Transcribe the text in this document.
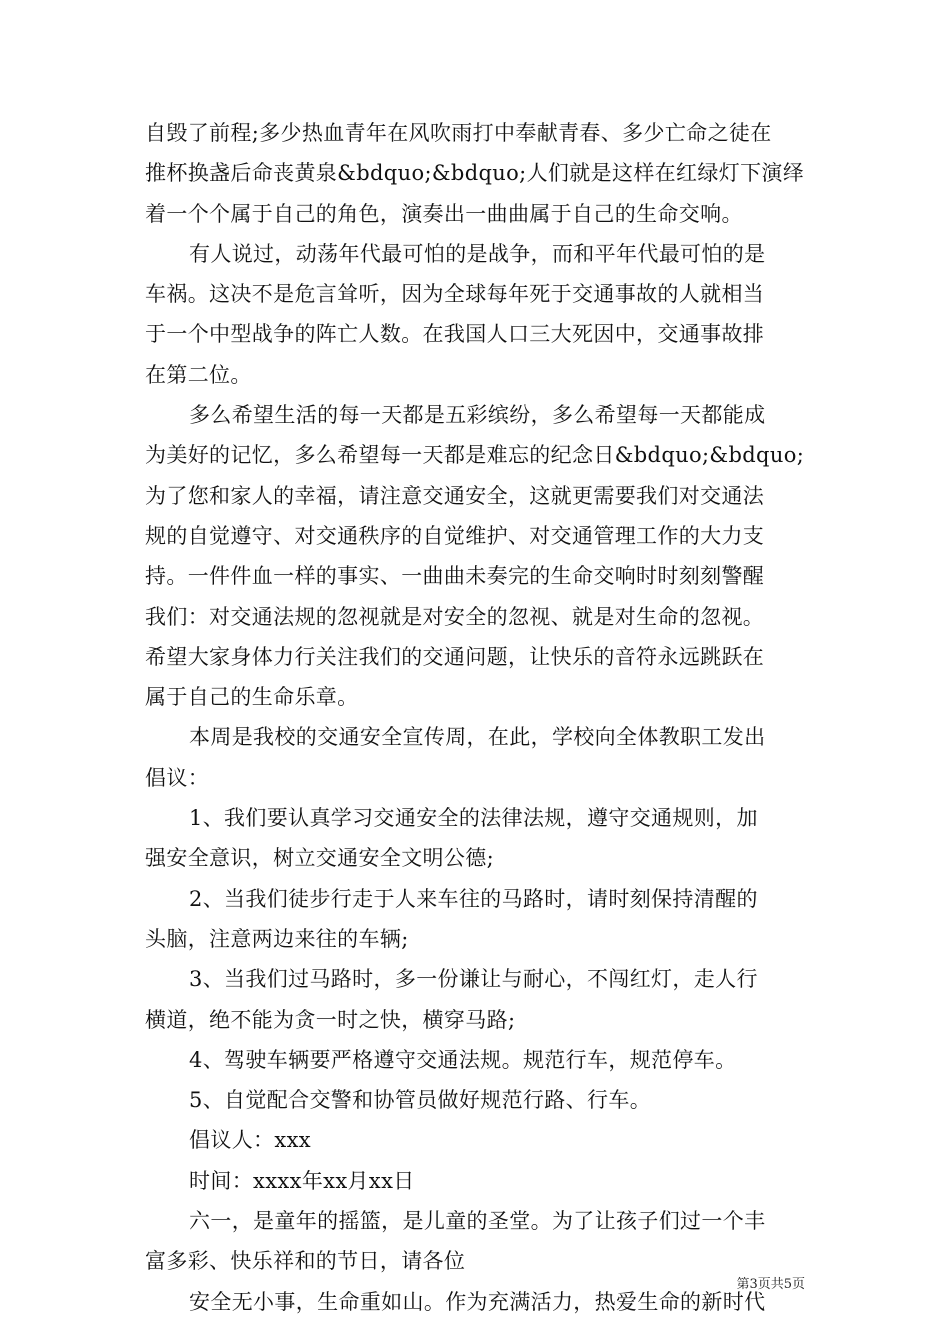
自毁了前程;多少热血青年在风吹雨打中奉献青春、多少亡命之徒在
推杯换盏后命丧黄泉&bdquo;&bdquo;人们就是这样在红绿灯下演绎
着一个个属于自己的角色，演奏出一曲曲属于自己的生命交响。
有人说过，动荡年代最可怕的是战争，而和平年代最可怕的是
车祸。这决不是危言耸听，因为全球每年死于交通事故的人就相当
于一个中型战争的阵亡人数。在我国人口三大死因中，交通事故排
在第二位。
多么希望生活的每一天都是五彩缤纷，多么希望每一天都能成
为美好的记忆，多么希望每一天都是难忘的纪念日&bdquo;&bdquo;
为了您和家人的幸福，请注意交通安全，这就更需要我们对交通法
规的自觉遵守、对交通秩序的自觉维护、对交通管理工作的大力支
持。一件件血一样的事实、一曲曲未奏完的生命交响时时刻刻警醒
我们：对交通法规的忽视就是对安全的忽视、就是对生命的忽视。
希望大家身体力行关注我们的交通问题，让快乐的音符永远跳跃在
属于自己的生命乐章。
本周是我校的交通安全宣传周，在此，学校向全体教职工发出
倡议：
1、我们要认真学习交通安全的法律法规，遵守交通规则，加
强安全意识，树立交通安全文明公德;
2、当我们徒步行走于人来车往的马路时，请时刻保持清醒的
头脑，注意两边来往的车辆;
3、当我们过马路时，多一份谦让与耐心，不闯红灯，走人行
横道，绝不能为贪一时之快，横穿马路;
4、驾驶车辆要严格遵守交通法规。规范行车，规范停车。
5、自觉配合交警和协管员做好规范行路、行车。
倡议人：xxx
时间：xxxx年xx月xx日
六一，是童年的摇篮，是儿童的圣堂。为了让孩子们过一个丰
富多彩、快乐祥和的节日，请各位
安全无小事，生命重如山。作为充满活力，热爱生命的新时代
第3页共5页
